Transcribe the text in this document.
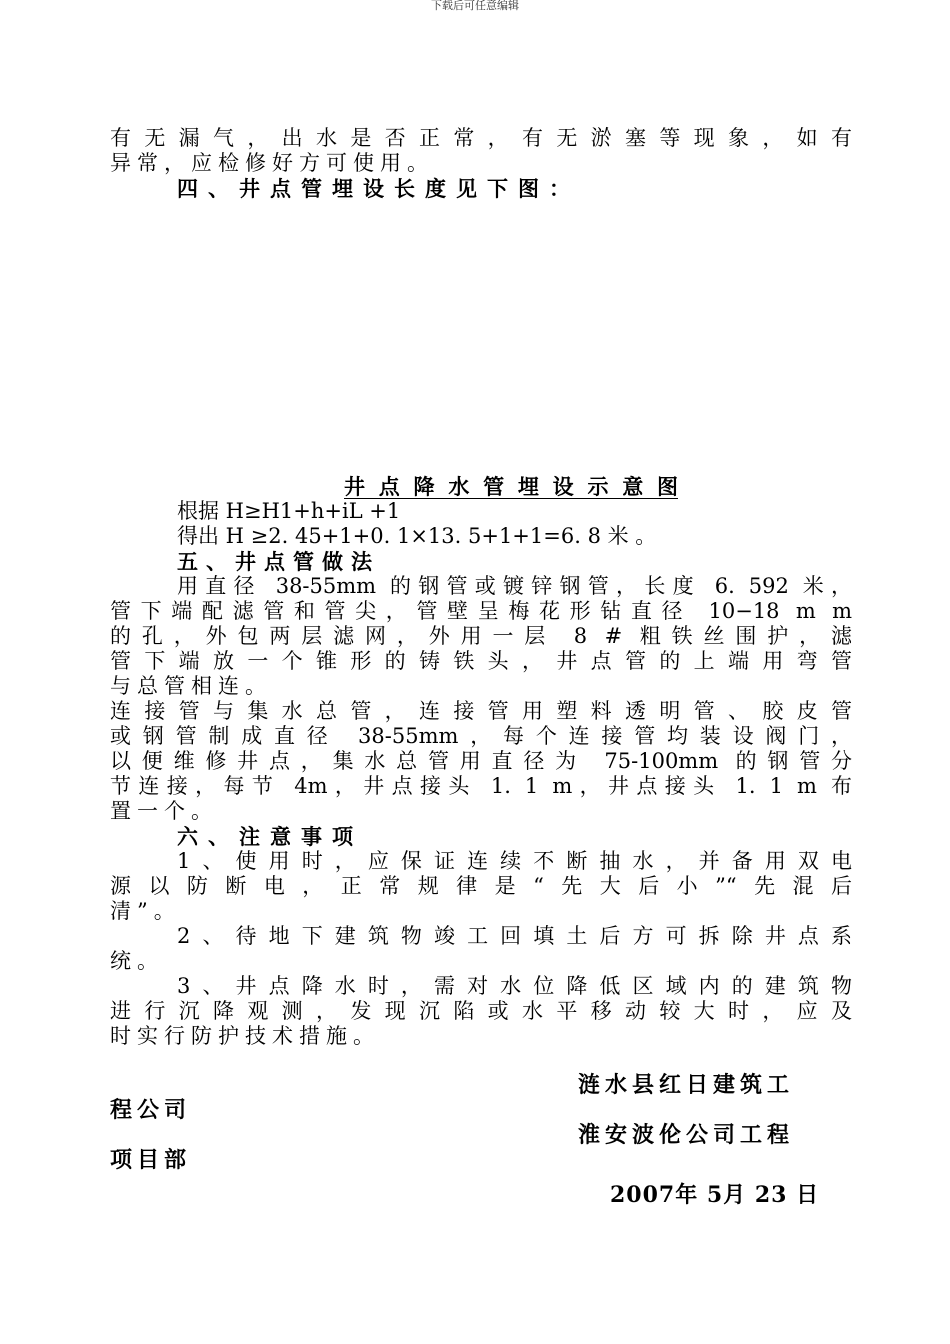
下载后可任意编辑
有无漏气，出水是否正常，有无淤塞等现象，如有
异常，应检修好方可使用。
四、井点管埋设长度见下图：
井点降水管埋设示意图
根据 H≥H1+h+iL +1
得出 H ≥2. 45+1+0. 1×13. 5+1+1=6. 8 米 。
五、井点管做法
用直径 38-55mm 的钢管或镀锌钢管，长度 6. 592 米，
管下端配滤管和管尖，管壁呈梅花形钻直径 10−18 m m
的孔，外包两层滤网，外用一层 8 # 粗铁丝围护，滤
管下端放一个锥形的铸铁头，井点管的上端用弯管
与总管相连。
连接管与集水总管，连接管用塑料透明管、胶皮管
或钢管制成直径 38-55mm，每个连接管均装设阀门，
以便维修井点，集水总管用直径为 75-100mm 的钢管分
节连接，每节 4m，井点接头 1. 1 m，井点接头 1. 1 m 布
置一个。
六、注意事项
1、使用时，应保证连续不断抽水，并备用双电
源以防断电，正常规律是“先大后小”“先混后
清”。
2、待地下建筑物竣工回填土后方可拆除井点系
统。
3、井点降水时，需对水位降低区域内的建筑物
进行沉降观测，发现沉陷或水平移动较大时，应及
时实行防护技术措施。
涟水县红日建筑工
程公司
淮安波伦公司工程
项目部
2007年 5月 23 日
